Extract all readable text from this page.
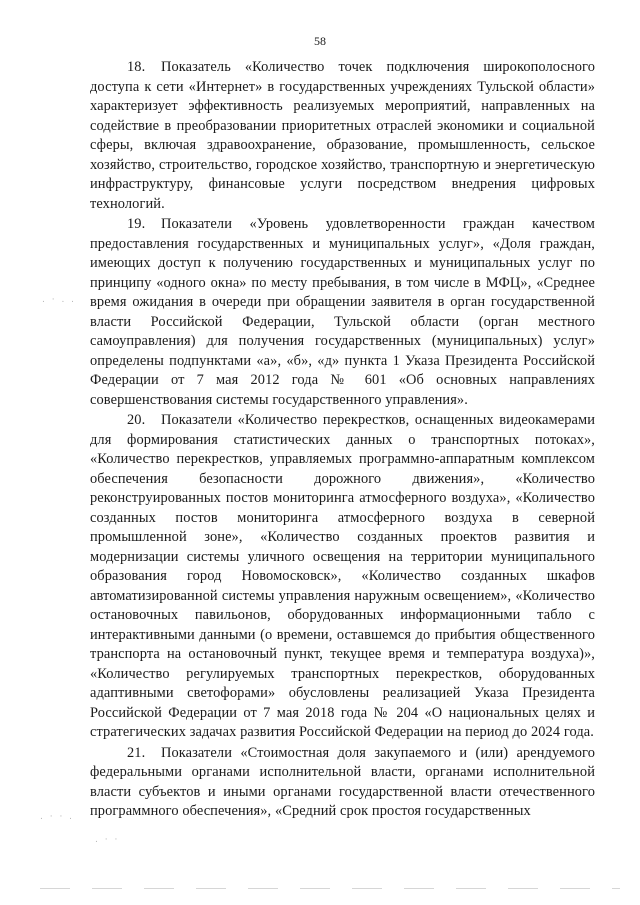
58

18. Показатель «Количество точек подключения широкополосного доступа к сети «Интернет» в государственных учреждениях Тульской области» характеризует эффективность реализуемых мероприятий, направленных на содействие в преобразовании приоритетных отраслей экономики и социальной сферы, включая здравоохранение, образование, промышленность, сельское хозяйство, строительство, городское хозяйство, транспортную и энергетическую инфраструктуру, финансовые услуги посредством внедрения цифровых технологий.

19. Показатели «Уровень удовлетворенности граждан качеством предоставления государственных и муниципальных услуг», «Доля граждан, имеющих доступ к получению государственных и муниципальных услуг по принципу «одного окна» по месту пребывания, в том числе в МФЦ», «Среднее время ожидания в очереди при обращении заявителя в орган государственной власти Российской Федерации, Тульской области (орган местного самоуправления) для получения государственных (муниципальных) услуг» определены подпунктами «а», «б», «д» пункта 1 Указа Президента Российской Федерации от 7 мая 2012 года № 601 «Об основных направлениях совершенствования системы государственного управления».

20. Показатели «Количество перекрестков, оснащенных видеокамерами для формирования статистических данных о транспортных потоках», «Количество перекрестков, управляемых программно-аппаратным комплексом обеспечения безопасности дорожного движения», «Количество реконструированных постов мониторинга атмосферного воздуха», «Количество созданных постов мониторинга атмосферного воздуха в северной промышленной зоне», «Количество созданных проектов развития и модернизации системы уличного освещения на территории муниципального образования город Новомосковск», «Количество созданных шкафов автоматизированной системы управления наружным освещением», «Количество остановочных павильонов, оборудованных информационными табло с интерактивными данными (о времени, оставшемся до прибытия общественного транспорта на остановочный пункт, текущее время и температура воздуха)», «Количество регулируемых транспортных перекрестков, оборудованных адаптивными светофорами» обусловлены реализацией Указа Президента Российской Федерации от 7 мая 2018 года № 204 «О национальных целях и стратегических задачах развития Российской Федерации на период до 2024 года.

21. Показатели «Стоимостная доля закупаемого и (или) арендуемого федеральными органами исполнительной власти, органами исполнительной власти субъектов и иными органами государственной власти отечественного программного обеспечения», «Средний срок простоя государственных

. · . .
. · · .
. · ·
